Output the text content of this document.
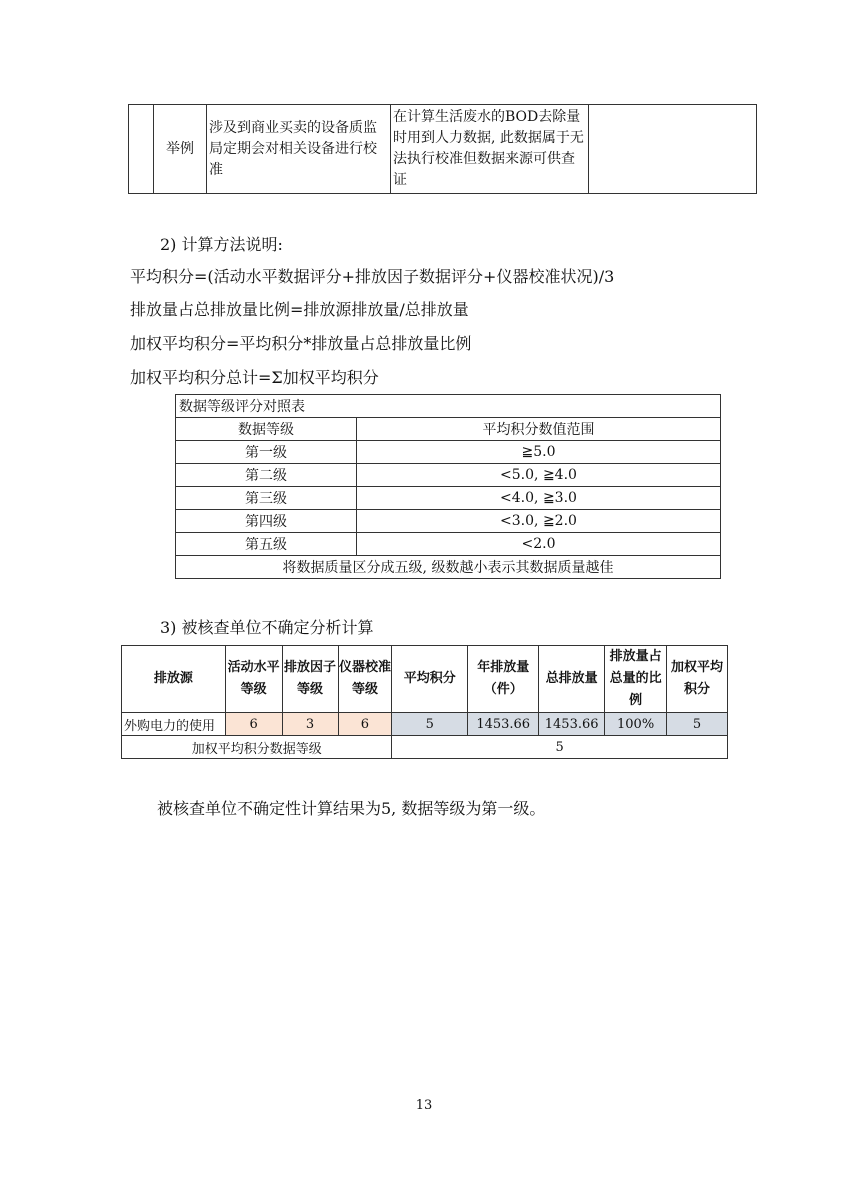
	举例	涉及到商业买卖的设备质监局定期会对相关设备进行校准	在计算生活废水的BOD去除量时用到人力数据, 此数据属于无法执行校准但数据来源可供查证	
2) 计算方法说明:
平均积分=(活动水平数据评分+排放因子数据评分+仪器校准状况)/3
排放量占总排放量比例=排放源排放量/总排放量
加权平均积分=平均积分*排放量占总排放量比例
加权平均积分总计=Σ加权平均积分
数据等级评分对照表	
数据等级	平均积分数值范围
第一级	≧5.0
第二级	<5.0, ≧4.0
第三级	<4.0, ≧3.0
第四级	<3.0, ≧2.0
第五级	<2.0
将数据质量区分成五级, 级数越小表示其数据质量越佳	
3) 被核查单位不确定分析计算
排放源	活动水平等级	排放因子等级	仪器校准等级	平均积分	年排放量（件）	总排放量	排放量占总量的比例	加权平均积分
外购电力的使用	6	3	6	5	1453.66	1453.66	100%	5
加权平均积分数据等级				5				
被核查单位不确定性计算结果为5, 数据等级为第一级。
13
